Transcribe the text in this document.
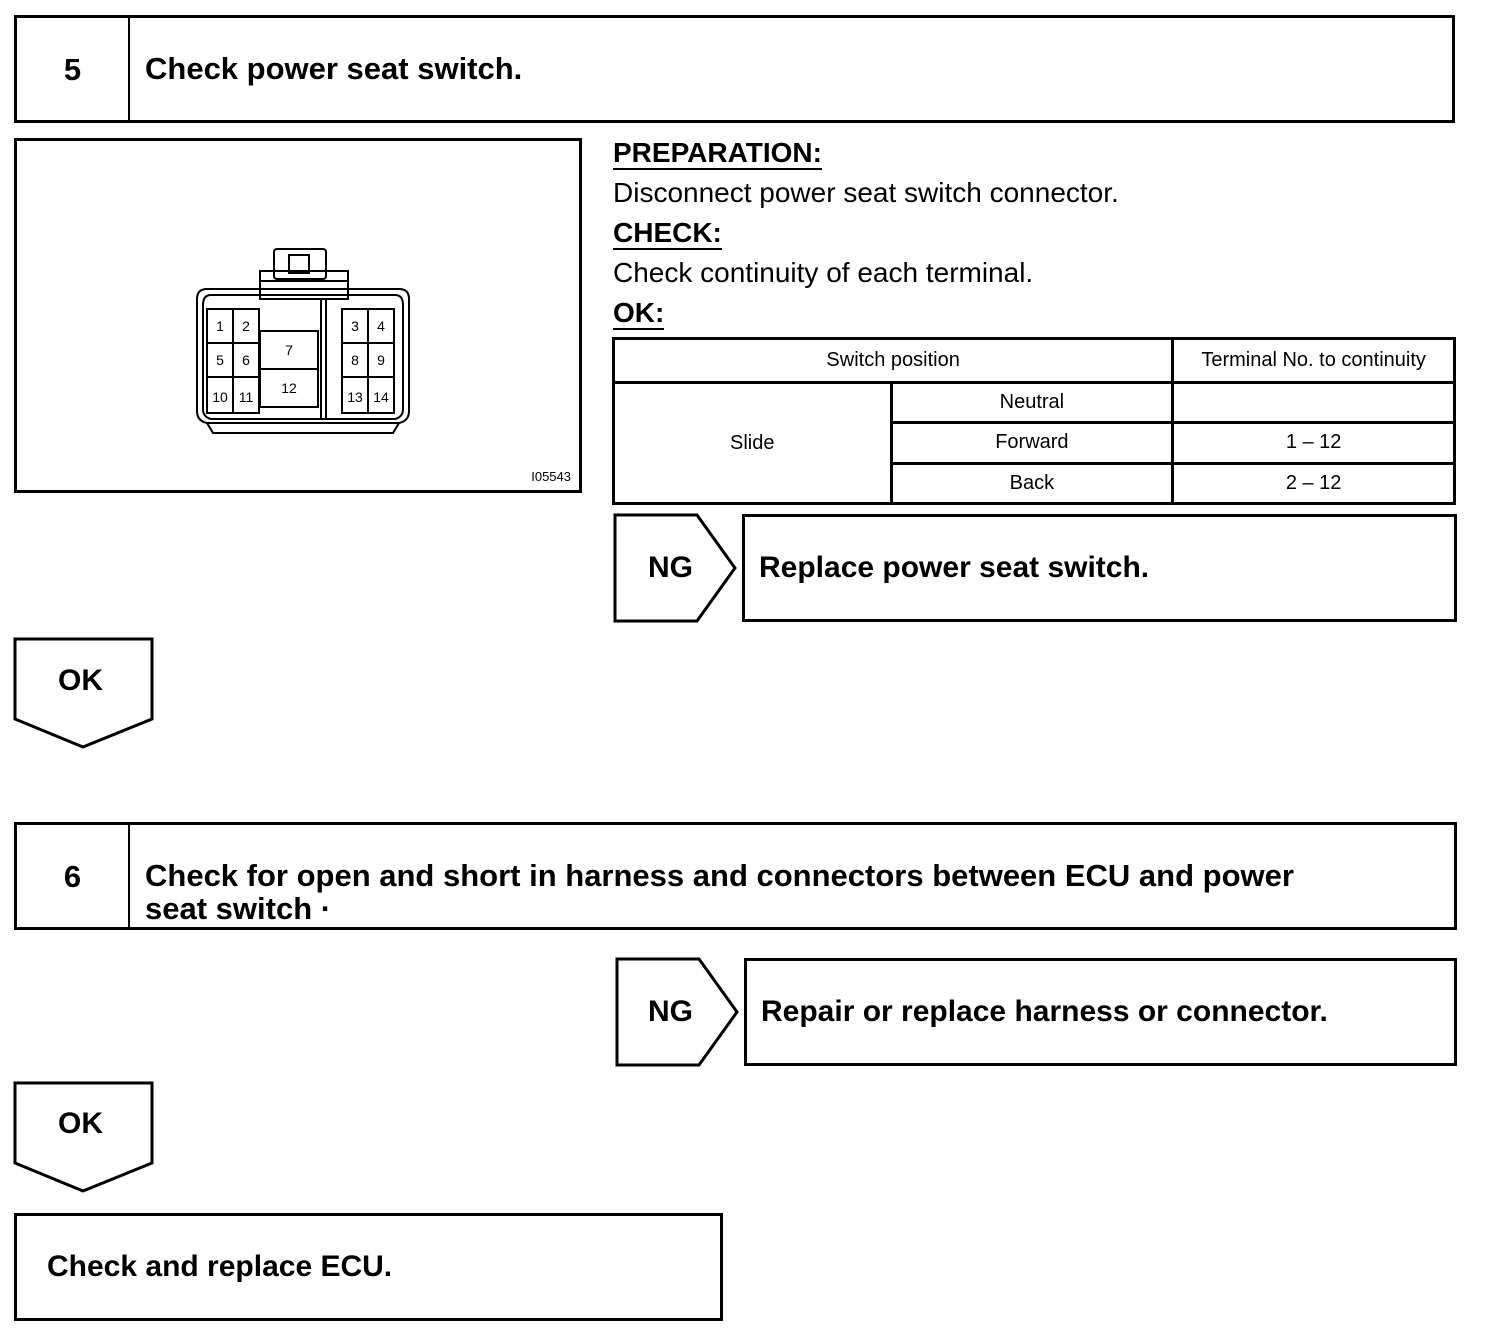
5	Check power seat switch.
1 2	3 4
5 6
7
8 9
10 11
12
13 14
I05543
PREPARATION:
Disconnect power seat switch connector.
CHECK:
Check continuity of each terminal.
OK:
Switch position		Terminal No. to continuity
Slide	Neutral	
	Forward	1 – 12
	Back	2 – 12
NG	Replace power seat switch.
OK
6	Check for open and short in harness and connectors between ECU and power
seat switch ·
NG	Repair or replace harness or connector.
OK
Check and replace ECU.
